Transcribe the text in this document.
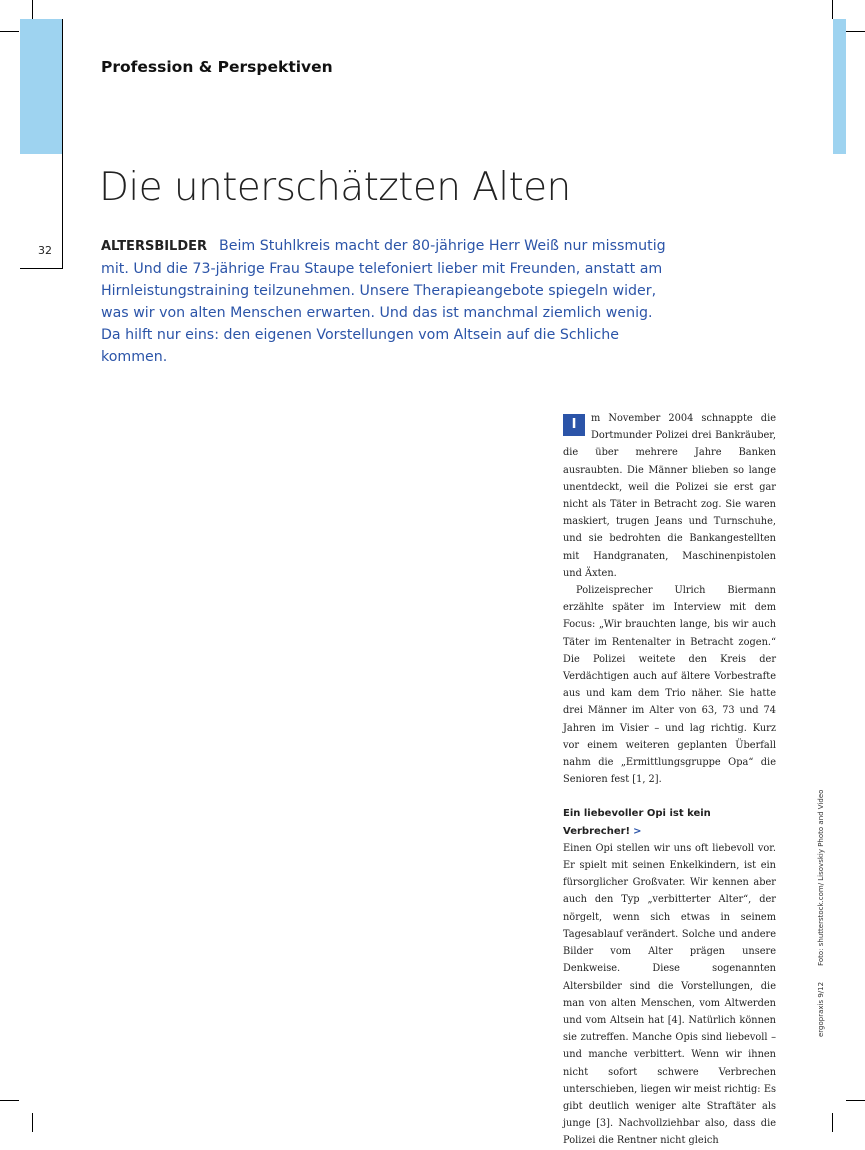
32
Profession & Perspektiven
Die unterschätzten Alten

ALTERSBILDER Beim Stuhlkreis macht der 80-jährige Herr Weiß nur missmutig mit. Und die 73-jährige Frau Staupe telefoniert lieber mit Freunden, anstatt am Hirnleistungstraining teilzunehmen. Unsere Therapieangebote spiegeln wider, was wir von alten Menschen erwarten. Und das ist manchmal ziemlich wenig. Da hilft nur eins: den eigenen Vorstellungen vom Altsein auf die Schliche kommen.

I	m November 2004 schnappte die Dortmunder Polizei drei Bankräuber, die über mehrere Jahre Banken ausraubten. Die Männer blieben so lange unentdeckt, weil die Polizei sie erst gar nicht als Täter in Betracht zog. Sie waren maskiert, trugen Jeans und Turnschuhe, und sie bedrohten die Bankangestellten mit Handgranaten, Maschinenpistolen und Äxten.

Polizeisprecher Ulrich Biermann erzählte später im Interview mit dem Focus: „Wir brauchten lange, bis wir auch Täter im Rentenalter in Betracht zogen.“ Die Polizei weitete den Kreis der Verdächtigen auch auf ältere Vorbestrafte aus und kam dem Trio näher. Sie hatte drei Männer im Alter von 63, 73 und 74 Jahren im Visier – und lag richtig. Kurz vor einem weiteren geplanten Überfall nahm die „Ermittlungsgruppe Opa“ die Senioren fest [1, 2].

Ein liebevoller Opi ist kein Verbrecher! >

Einen Opi stellen wir uns oft liebevoll vor. Er spielt mit seinen Enkelkindern, ist ein fürsorglicher Großvater. Wir kennen aber auch den Typ „verbitterter Alter“, der nörgelt, wenn sich etwas in seinem Tagesablauf verändert. Solche und andere Bilder vom Alter prägen unsere Denkweise. Diese sogenannten Altersbilder sind die Vorstellungen, die man von alten Menschen, vom Altwerden und vom Altsein hat [4]. Natürlich können sie zutreffen. Manche Opis sind liebevoll – und manche verbittert. Wenn wir ihnen nicht sofort schwere Verbrechen unterschieben, liegen wir meist richtig: Es gibt deutlich weniger alte Straftäter als junge [3]. Nachvollziehbar also, dass die Polizei die Rentner nicht gleich

ergopraxis 9/12Foto: shutterstock.com/ Lisovskiy Photo and Video
